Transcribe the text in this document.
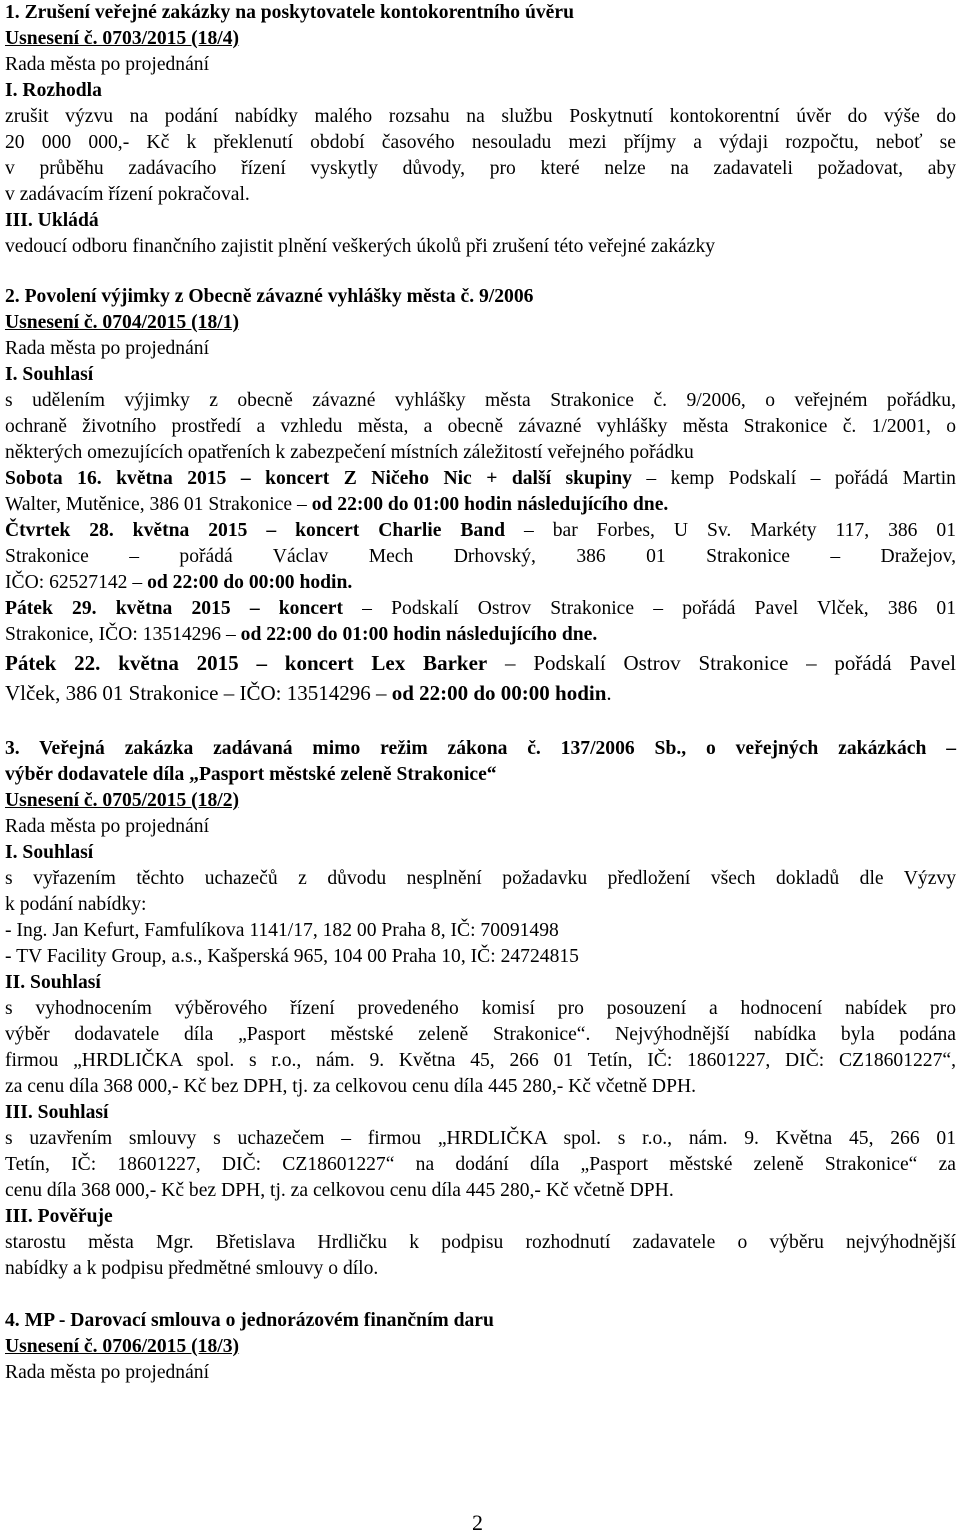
1. Zrušení veřejné zakázky na poskytovatele kontokorentního úvěru

Usnesení č. 0703/2015 (18/4)

Rada města po projednání

I. Rozhodla

zrušit výzvu na podání nabídky malého rozsahu na službu Poskytnutí kontokorentní úvěr do výše do

20 000 000,- Kč k překlenutí období časového nesouladu mezi příjmy a výdaji rozpočtu, neboť se

v průběhu zadávacího řízení vyskytly důvody, pro které nelze na zadavateli požadovat, aby

v zadávacím řízení pokračoval.

III. Ukládá

vedoucí odboru finančního zajistit plnění veškerých úkolů při zrušení této veřejné zakázky

2. Povolení výjimky z Obecně závazné vyhlášky města č. 9/2006

Usnesení č. 0704/2015 (18/1)

Rada města po projednání

I. Souhlasí

s udělením výjimky z obecně závazné vyhlášky města Strakonice č. 9/2006, o veřejném pořádku,

ochraně životního prostředí a vzhledu města, a obecně závazné vyhlášky města Strakonice č. 1/2001, o

některých omezujících opatřeních k zabezpečení místních záležitostí veřejného pořádku

Sobota 16. května 2015 – koncert Z Ničeho Nic + další skupiny – kemp Podskalí – pořádá Martin

Walter, Mutěnice, 386 01 Strakonice – od 22:00 do 01:00 hodin následujícího dne.

Čtvrtek 28. května 2015 – koncert Charlie Band – bar Forbes, U Sv. Markéty 117, 386 01

Strakonice – pořádá Václav Mech Drhovský, 386 01 Strakonice – Dražejov,

IČO: 62527142 – od 22:00 do 00:00 hodin.

Pátek 29. května 2015 – koncert – Podskalí Ostrov Strakonice – pořádá Pavel Vlček, 386 01

Strakonice, IČO: 13514296 – od 22:00 do 01:00 hodin následujícího dne.

Pátek 22. května 2015 – koncert Lex Barker – Podskalí Ostrov Strakonice – pořádá Pavel

Vlček, 386 01 Strakonice – IČO: 13514296 – od 22:00 do 00:00 hodin.

3. Veřejná zakázka zadávaná mimo režim zákona č. 137/2006 Sb., o veřejných zakázkách –

výběr dodavatele díla „Pasport městské zeleně Strakonice“

Usnesení č. 0705/2015 (18/2)

Rada města po projednání

I. Souhlasí

s vyřazením těchto uchazečů z důvodu nesplnění požadavku předložení všech dokladů dle Výzvy

k podání nabídky:

- Ing. Jan Kefurt, Famfulíkova 1141/17, 182 00 Praha 8, IČ: 70091498

- TV Facility Group, a.s., Kašperská 965, 104 00 Praha 10, IČ: 24724815

II. Souhlasí

s vyhodnocením výběrového řízení provedeného komisí pro posouzení a hodnocení nabídek pro

výběr dodavatele díla „Pasport městské zeleně Strakonice“. Nejvýhodnější nabídka byla podána

firmou „HRDLIČKA spol. s r.o., nám. 9. Května 45, 266 01 Tetín, IČ: 18601227, DIČ: CZ18601227“,

za cenu díla 368 000,- Kč bez DPH, tj. za celkovou cenu díla 445 280,- Kč včetně DPH.

III. Souhlasí

s uzavřením smlouvy s uchazečem – firmou „HRDLIČKA spol. s r.o., nám. 9. Května 45, 266 01

Tetín, IČ: 18601227, DIČ: CZ18601227“ na dodání díla „Pasport městské zeleně Strakonice“ za

cenu díla 368 000,- Kč bez DPH, tj. za celkovou cenu díla 445 280,- Kč včetně DPH.

III. Pověřuje

starostu města Mgr. Břetislava Hrdličku k podpisu rozhodnutí zadavatele o výběru nejvýhodnější

nabídky a k podpisu předmětné smlouvy o dílo.

4. MP - Darovací smlouva o jednorázovém finančním daru

Usnesení č. 0706/2015 (18/3)

Rada města po projednání

2
